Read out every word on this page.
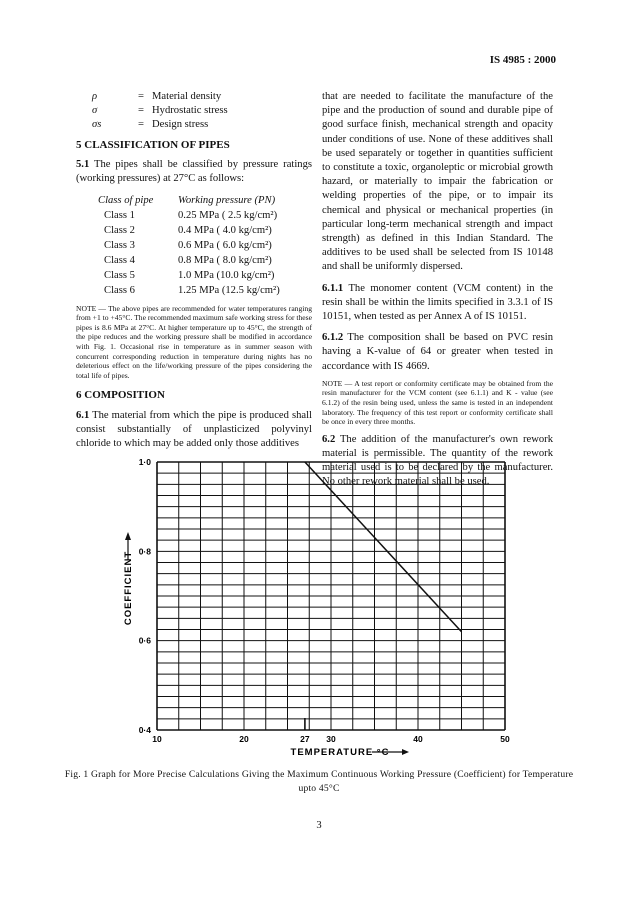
IS 4985 : 2000
ρ	= Material density
σ	= Hydrostatic stress
σs	= Design stress
5 CLASSIFICATION OF PIPES

5.1 The pipes shall be classified by pressure ratings (working pressures) at 27°C as follows:

Class of pipe	Working pressure (PN)
Class 1	0.25 MPa ( 2.5 kg/cm²)
Class 2	0.4 MPa ( 4.0 kg/cm²)
Class 3	0.6 MPa ( 6.0 kg/cm²)
Class 4	0.8 MPa ( 8.0 kg/cm²)
Class 5	1.0 MPa (10.0 kg/cm²)
Class 6	1.25 MPa (12.5 kg/cm²)

NOTE — The above pipes are recommended for water temperatures ranging from +1 to +45°C. The recommended maximum safe working stress for these pipes is 8.6 MPa at 27°C. At higher temperature up to 45°C, the strength of the pipe reduces and the working pressure shall be modified in accordance with Fig. 1. Occasional rise in temperature as in summer season with concurrent corresponding reduction in temperature during nights has no deleterious effect on the life/working pressure of the pipes considering the total life of pipes.

6 COMPOSITION

6.1 The material from which the pipe is produced shall consist substantially of unplasticized polyvinyl chloride to which may be added only those additives

that are needed to facilitate the manufacture of the pipe and the production of sound and durable pipe of good surface finish, mechanical strength and opacity under conditions of use. None of these additives shall be used separately or together in quantities sufficient to constitute a toxic, organoleptic or microbial growth hazard, or materially to impair the fabrication or welding properties of the pipe, or to impair its chemical and physical or mechanical properties (in particular long-term mechanical strength and impact strength) as defined in this Indian Standard. The additives to be used shall be selected from IS 10148 and shall be uniformly dispersed.

6.1.1 The monomer content (VCM content) in the resin shall be within the limits specified in 3.3.1 of IS 10151, when tested as per Annex A of IS 10151.

6.1.2 The composition shall be based on PVC resin having a K-value of 64 or greater when tested in accordance with IS 4669.

NOTE — A test report or conformity certificate may be obtained from the resin manufacturer for the VCM content (see 6.1.1) and K - value (see 6.1.2) of the resin being used, unless the same is tested in an independent laboratory. The frequency of this test report or conformity certificate shall be once in every three months.

6.2 The addition of the manufacturer's own rework material is permissible. The quantity of the rework material used is to be declared by the manufacturer. No other rework material shall be used.

10	20	27 30	40	50
0·4
0·6
0·8
1·0
TEMPERATURE °C
COEFFICIENT
Fig. 1 Graph for More Precise Calculations Giving the Maximum Continuous Working Pressure (Coefficient) for Temperature upto 45°C
3
